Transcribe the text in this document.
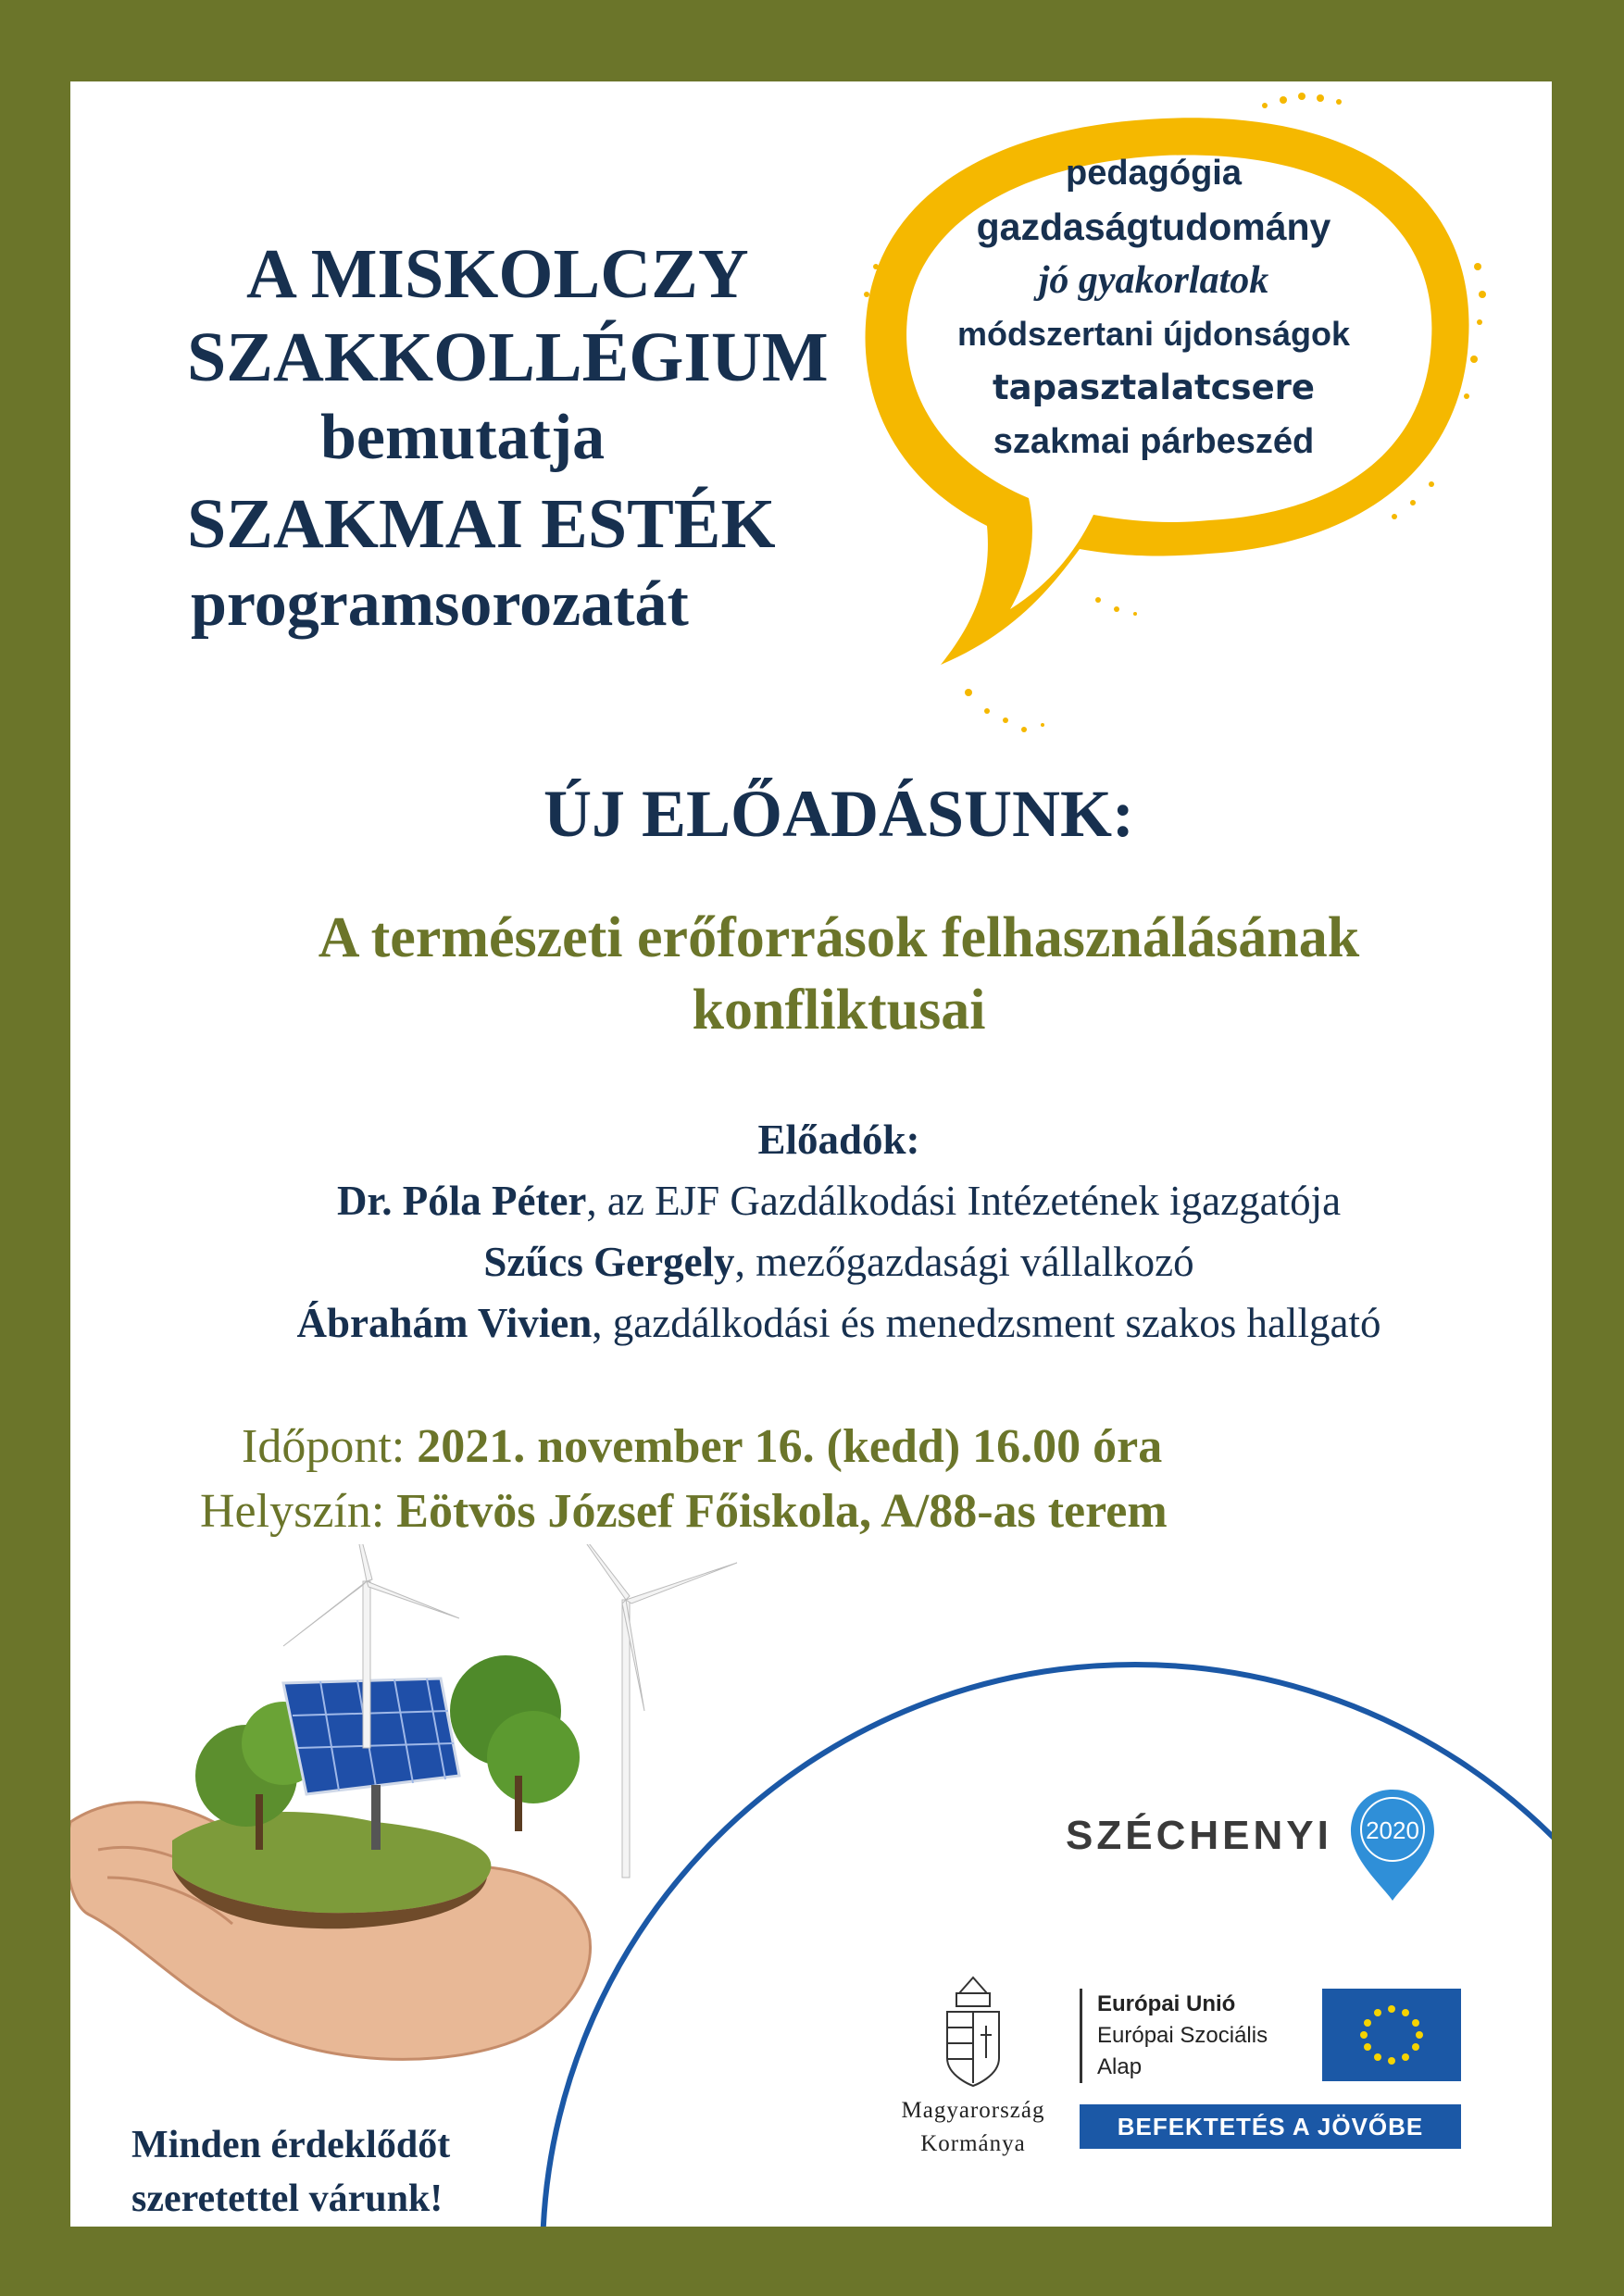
A MISKOLCZY
SZAKKOLLÉGIUM
bemutatja
SZAKMAI ESTÉK
programsorozatát
pedagógia
gazdaságtudomány
jó gyakorlatok
módszertani újdonságok
tapasztalatcsere
szakmai párbeszéd
ÚJ ELŐADÁSUNK:
A természeti erőforrások felhasználásának
konfliktusai
Előadók:
Dr. Póla Péter, az EJF Gazdálkodási Intézetének igazgatója
Szűcs Gergely, mezőgazdasági vállalkozó
Ábrahám Vivien, gazdálkodási és menedzsment szakos hallgató
Időpont: 2021. november 16. (kedd) 16.00 óra
Helyszín: Eötvös József Főiskola, A/88-as terem
Minden érdeklődőt
szeretettel várunk!
SZÉCHENYI 2020
Magyarország
Kormánya
Európai Unió
Európai Szociális
Alap
BEFEKTETÉS A JÖVŐBE
